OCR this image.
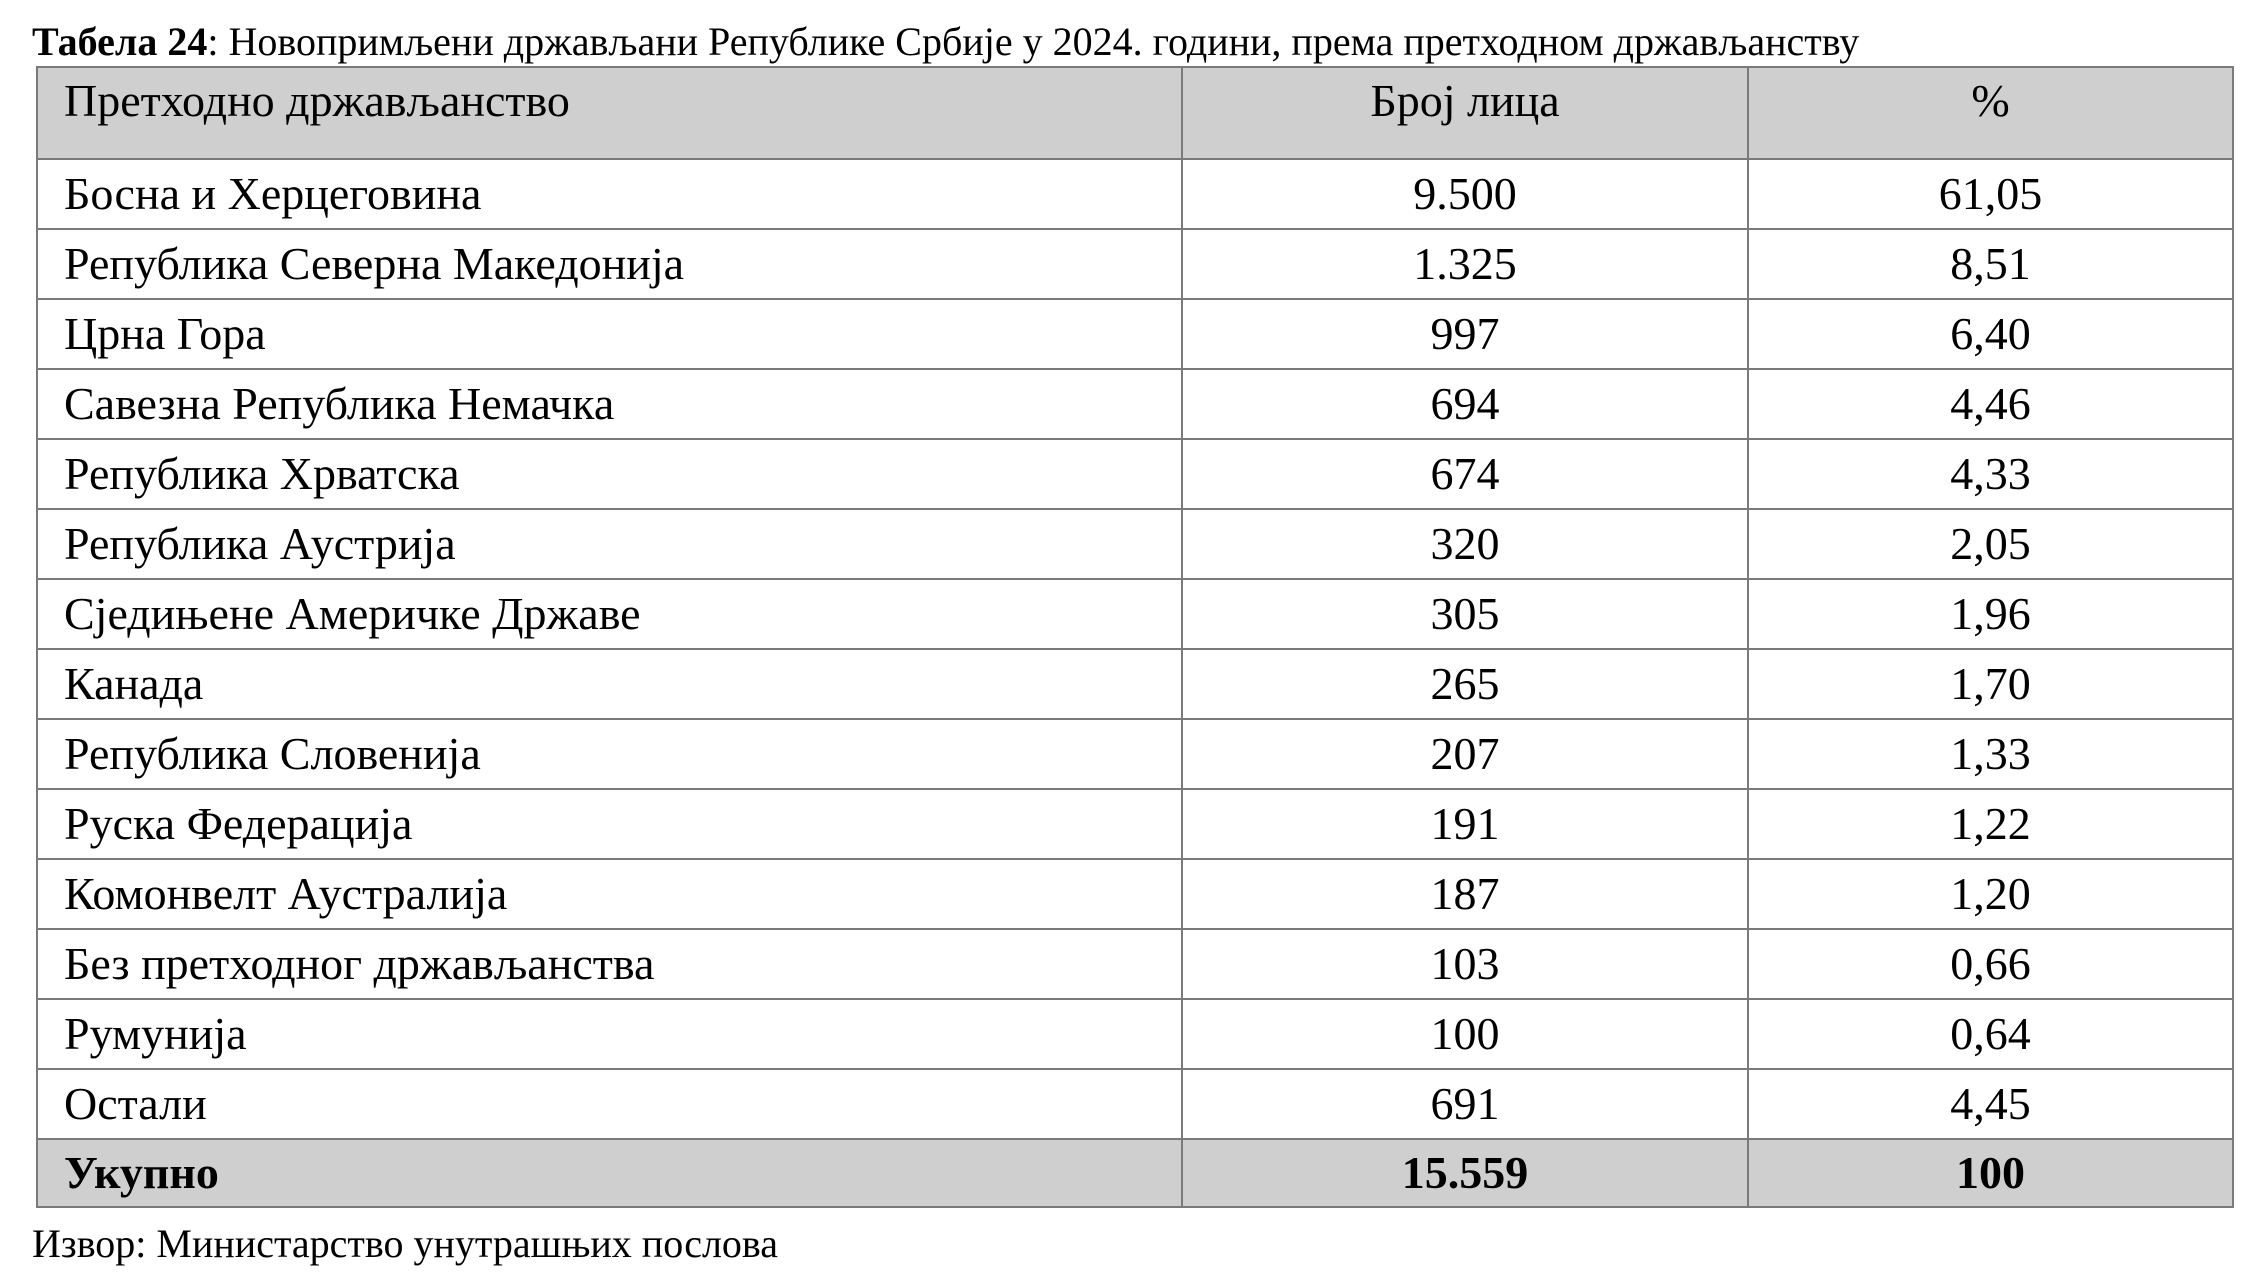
Табела 24: Новопримљени држављани Републике Србије у 2024. години, према претходном држављанству
Претходно држављанство	Број лица	%
Босна и Херцеговина	9.500	61,05
Република Северна Македонија	1.325	8,51
Црна Гора	997	6,40
Савезна Република Немачка	694	4,46
Република Хрватска	674	4,33
Република Аустрија	320	2,05
Сједињене Америчке Државе	305	1,96
Канада	265	1,70
Република Словенија	207	1,33
Руска Федерација	191	1,22
Комонвелт Аустралија	187	1,20
Без претходног држављанства	103	0,66
Румунија	100	0,64
Остали	691	4,45
Укупно	15.559	100
Извор: Министарство унутрашњих послова
